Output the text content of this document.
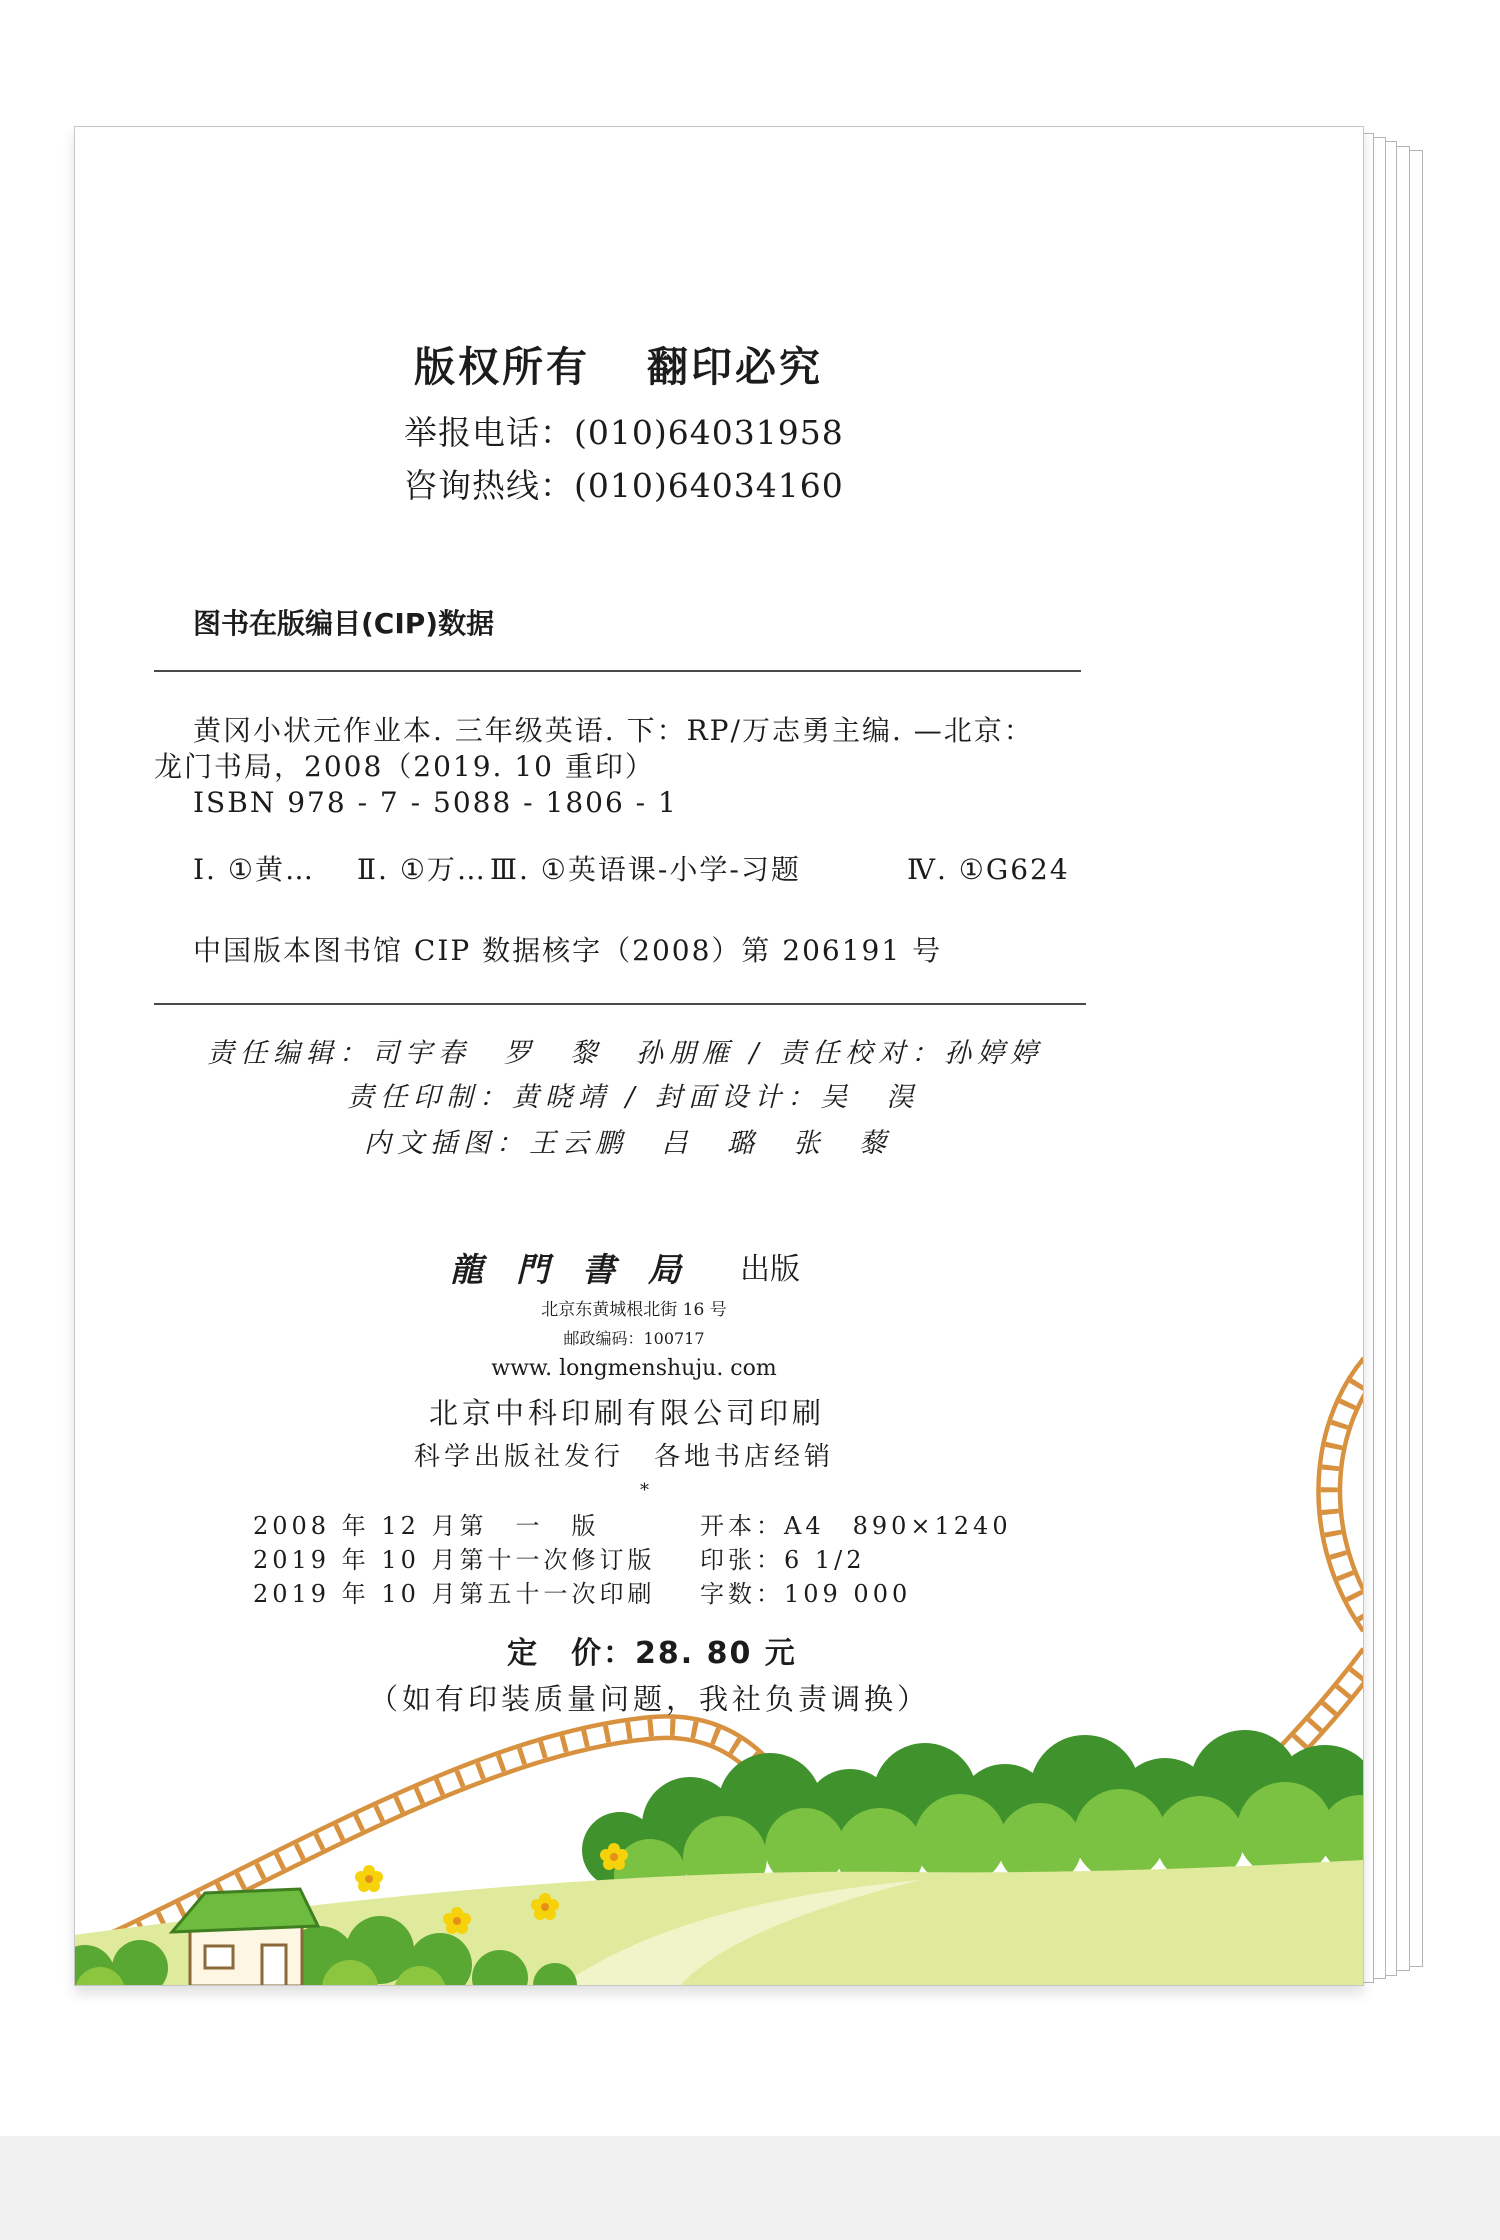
版权所有 翻印必究
举报电话：(010)64031958
咨询热线：(010)64034160
图书在版编目(CIP)数据
黄冈小状元作业本. 三年级英语. 下：RP/万志勇主编. —北京：
龙门书局，2008（2019. 10 重印）
ISBN 978 - 7 - 5088 - 1806 - 1
Ⅰ. ①黄… Ⅱ. ①万… Ⅲ. ①英语课-小学-习题	Ⅳ. ①G624
中国版本图书馆 CIP 数据核字（2008）第 206191 号
责任编辑：司宇春　罗　黎　孙朋雁 / 责任校对：孙婷婷
责任印制：黄晓靖 / 封面设计：吴　淏
内文插图：王云鹏　吕　璐　张　藜
龍　門　書　局 出版
北京东黄城根北街 16 号
邮政编码：100717
www. longmenshuju. com
北京中科印刷有限公司印刷
科学出版社发行　各地书店经销
*
2008 年 12 月第　一　版
2019 年 10 月第十一次修订版
2019 年 10 月第五十一次印刷
开本：A4　890×1240
印张：6 1/2
字数：109 000
定　价：28. 80 元
（如有印装质量问题，我社负责调换）
